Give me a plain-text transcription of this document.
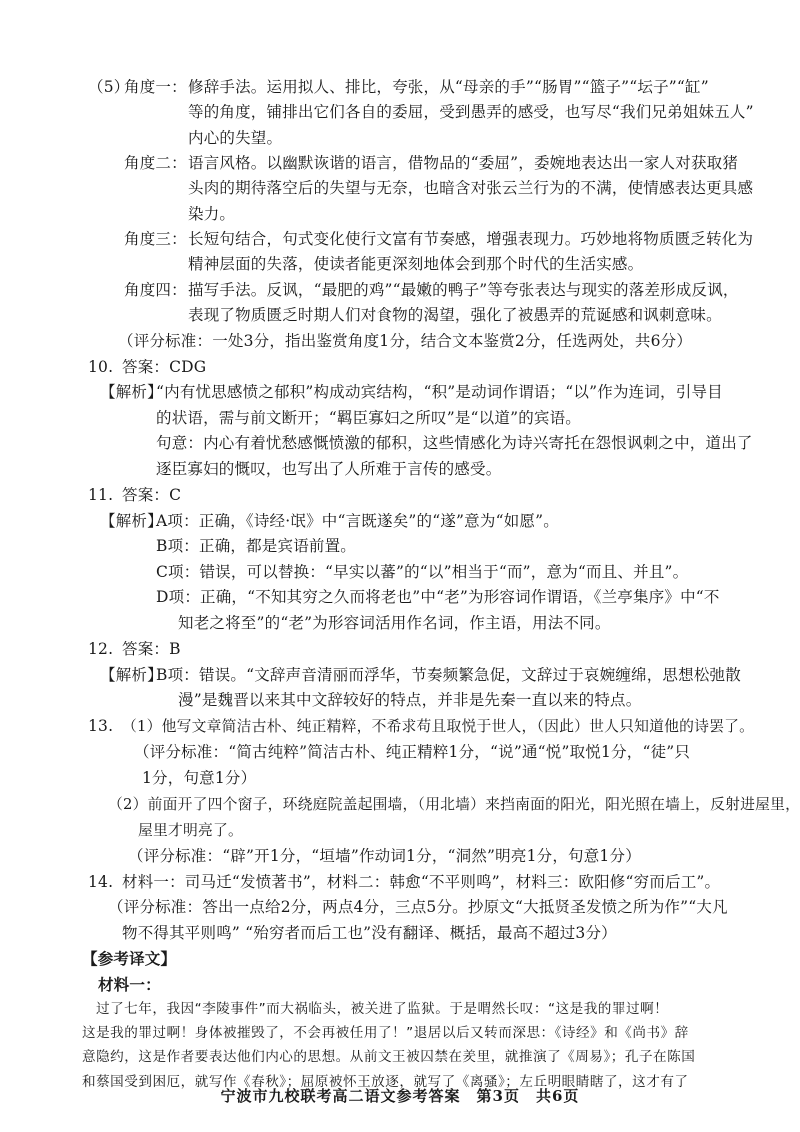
（5）
角度一： 修辞手法。运用拟人、排比，夸张，从“母亲的手”“肠胃”“篮子”“坛子”“缸”
等的角度，铺排出它们各自的委屈，受到愚弄的感受，也写尽“我们兄弟姐妹五人”
内心的失望。
角度二： 语言风格。以幽默诙谐的语言，借物品的“委屈”，委婉地表达出一家人对获取猪
头肉的期待落空后的失望与无奈，也暗含对张云兰行为的不满，使情感表达更具感
染力。
角度三： 长短句结合，句式变化使行文富有节奏感，增强表现力。巧妙地将物质匮乏转化为
精神层面的失落，使读者能更深刻地体会到那个时代的生活实感。
角度四： 描写手法。反讽，“最肥的鸡”“最嫩的鸭子”等夸张表达与现实的落差形成反讽，
表现了物质匮乏时期人们对食物的渴望，强化了被愚弄的荒诞感和讽刺意味。
（评分标准：一处3分，指出鉴赏角度1分，结合文本鉴赏2分，任选两处，共6分）
10. 答案：CDG
【解析】
“内有忧思感愤之郁积”构成动宾结构，“积”是动词作谓语；“以”作为连词，引导目
的状语，需与前文断开；“羁臣寡妇之所叹”是“以道”的宾语。
句意：内心有着忧愁感慨愤激的郁积，这些情感化为诗兴寄托在怨恨讽刺之中，道出了
逐臣寡妇的慨叹，也写出了人所难于言传的感受。
11. 答案：C
【解析】
A项：正确，《诗经·氓》中“言既遂矣”的“遂”意为“如愿”。
B项：正确，都是宾语前置。
C项：错误，可以替换：“早实以蕃”的“以”相当于“而”，意为“而且、并且”。
D项：正确，“不知其穷之久而将老也”中“老”为形容词作谓语，《兰亭集序》中“不
知老之将至”的“老”为形容词活用作名词，作主语，用法不同。
12. 答案：B
【解析】
B项：错误。“文辞声音清丽而浮华，节奏频繁急促，文辞过于哀婉缠绵，思想松弛散
漫”是魏晋以来其中文辞较好的特点，并非是先秦一直以来的特点。
13. （1）他写文章简洁古朴、纯正精粹，不希求苟且取悦于世人，（因此）世人只知道他的诗罢了。
（评分标准：“简古纯粹”简洁古朴、纯正精粹1分，“说”通“悦”取悦1分，“徒”只
1分，句意1分）
（2）前面开了四个窗子，环绕庭院盖起围墙，（用北墙）来挡南面的阳光，阳光照在墙上，反射进屋里，
屋里才明亮了。
（评分标准：“辟”开1分，“垣墙”作动词1分，“洞然”明亮1分，句意1分）
14. 材料一：司马迁“发愤著书”，材料二：韩愈“不平则鸣”，材料三：欧阳修“穷而后工”。
（评分标准：答出一点给2分，两点4分，三点5分。抄原文“大抵贤圣发愤之所为作”“大凡
物不得其平则鸣” “殆穷者而后工也”没有翻译、概括，最高不超过3分）
宁波市九校联考高二语文参考答案　第3页　共6页
【参考译文】
材料一：
过了七年，我因“李陵事件”而大祸临头，被关进了监狱。于是喟然长叹：“这是我的罪过啊！
这是我的罪过啊！身体被摧毁了，不会再被任用了！”退居以后又转而深思：《诗经》和《尚书》辞
意隐约，这是作者要表达他们内心的思想。从前文王被囚禁在羑里，就推演了《周易》；孔子在陈国
和蔡国受到困厄，就写作《春秋》；屈原被怀王放逐，就写了《离骚》；左丘明眼睛瞎了，这才有了
